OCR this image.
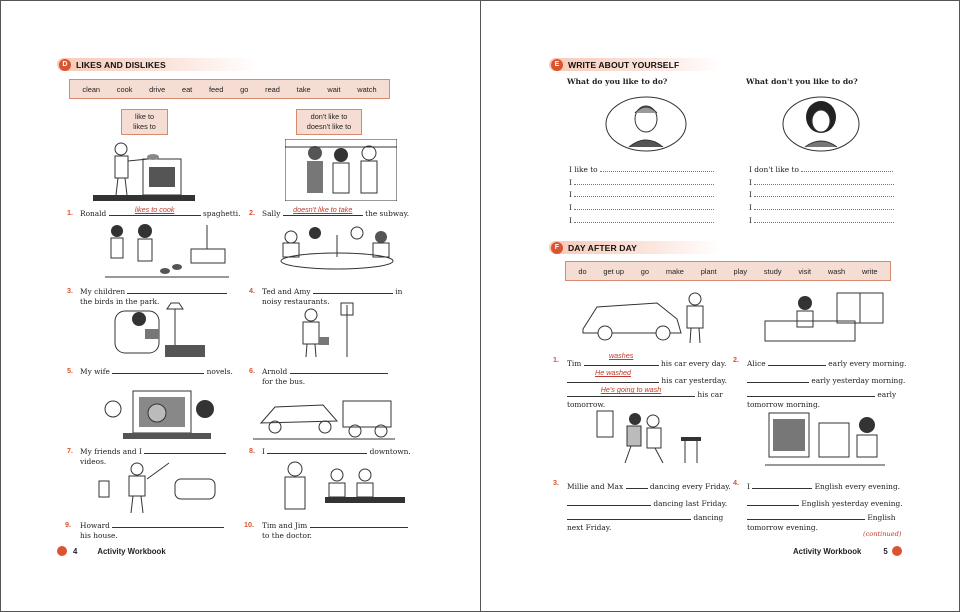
D LIKES AND DISLIKES
clean cook drive eat feed go read take wait watch
like to
likes to
don't like to
doesn't like to
1. Ronald	likes to cook	spaghetti. 2. Sally	doesn't like to take	the subway.
3. My children
the birds in the park.
4. Ted and Amy	in
noisy restaurants.
5. My wife	novels. 6. Arnold
for the bus.
7. My friends and I
videos.
8. I	downtown.
9. Howard
his house.
10. Tim and Jim
to the doctor.
4	Activity Workbook
E	WRITE ABOUT YOURSELF
What do you like to do?	What don't you like to do?
I like to
I
I
I
I
I don't like to
I
I
I
I
F	DAY AFTER DAY
do get up go make plant play study visit wash write
1. Tim
washes
his car every day.
He washed
his car yesterday.
He's going to wash
his car
tomorrow.
2. Alice	early every morning.
early yesterday morning.
early
tomorrow morning.
3. Millie and Max	dancing every Friday.
dancing last Friday.
dancing
next Friday.
4. I	English every evening.
English yesterday evening.
English
tomorrow evening.
(continued)
Activity Workbook	5
